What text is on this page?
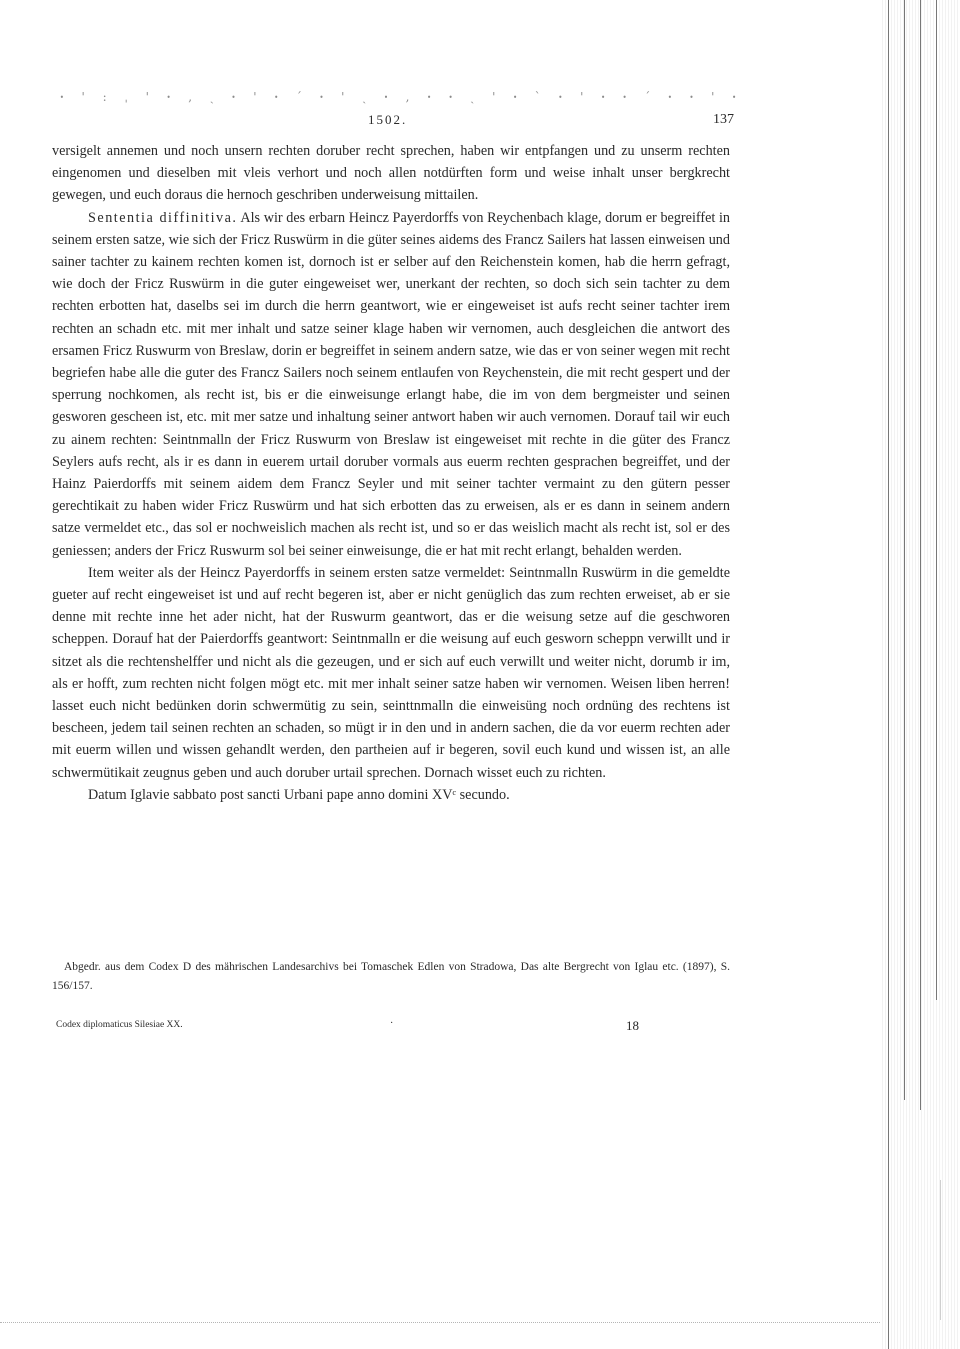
ꞏ ' : ˌ ' ꞏ , ˏ ꞏ ' ꞏ ˊ ꞏ ' ˎ ꞏ , ꞏ ꞏ ˏ ' ꞏ ˋ ꞏ ' ꞏ ꞏ ˊ ꞏ ꞏ ' ꞏ
1502.	137

versigelt annemen und noch unsern rechten doruber recht sprechen, haben wir entpfangen und zu unserm rechten eingenomen und dieselben mit vleis verhort und noch allen notdürften form und weise inhalt unser bergkrecht gewegen, und euch doraus die hernoch geschriben underweisung mittailen.

Sententia diffinitiva. Als wir des erbarn Heincz Payerdorffs von Reychenbach klage, dorum er begreiffet in seinem ersten satze, wie sich der Fricz Ruswürm in die güter seines aidems des Francz Sailers hat lassen einweisen und sainer tachter zu kainem rechten komen ist, dornoch ist er selber auf den Reichenstein komen, hab die herrn gefragt, wie doch der Fricz Ruswürm in die guter eingeweiset wer, unerkant der rechten, so doch sich sein tachter zu dem rechten erbotten hat, daselbs sei im durch die herrn geantwort, wie er eingeweiset ist aufs recht seiner tachter irem rechten an schadn etc. mit mer inhalt und satze seiner klage haben wir vernomen, auch desgleichen die antwort des ersamen Fricz Ruswurm von Breslaw, dorin er begreiffet in seinem andern satze, wie das er von seiner wegen mit recht begriefen habe alle die guter des Francz Sailers noch seinem entlaufen von Reychenstein, die mit recht gespert und der sperrung nochkomen, als recht ist, bis er die einweisunge erlangt habe, die im von dem bergmeister und seinen gesworen gescheen ist, etc. mit mer satze und inhaltung seiner antwort haben wir auch vernomen. Dorauf tail wir euch zu ainem rechten: Seintnmalln der Fricz Ruswurm von Breslaw ist eingeweiset mit rechte in die güter des Francz Seylers aufs recht, als ir es dann in euerem urtail doruber vormals aus euerm rechten gesprachen begreiffet, und der Hainz Paierdorffs mit seinem aidem dem Francz Seyler und mit seiner tachter vermaint zu den gütern pesser gerechtikait zu haben wider Fricz Ruswürm und hat sich erbotten das zu erweisen, als er es dann in seinem andern satze vermeldet etc., das sol er nochweislich machen als recht ist, und so er das weislich macht als recht ist, sol er des geniessen; anders der Fricz Ruswurm sol bei seiner einweisunge, die er hat mit recht erlangt, behalden werden.

Item weiter als der Heincz Payerdorffs in seinem ersten satze vermeldet: Seintnmalln Ruswürm in die gemeldte gueter auf recht eingeweiset ist und auf recht begeren ist, aber er nicht genüglich das zum rechten erweiset, ab er sie denne mit rechte inne het ader nicht, hat der Ruswurm geantwort, das er die weisung setze auf die geschworen scheppen. Dorauf hat der Paierdorffs geantwort: Seintnmalln er die weisung auf euch gesworn scheppn verwillt und ir sitzet als die rechtenshelffer und nicht als die gezeugen, und er sich auf euch verwillt und weiter nicht, dorumb ir im, als er hofft, zum rechten nicht folgen mögt etc. mit mer inhalt seiner satze haben wir vernomen. Weisen liben herren! lasset euch nicht bedünken dorin schwermütig zu sein, seinttnmalln die einweisüng noch ordnüng des rechtens ist bescheen, jedem tail seinen rechten an schaden, so mügt ir in den und in andern sachen, die da vor euerm rechten ader mit euerm willen und wissen gehandlt werden, den partheien auf ir begeren, sovil euch kund und wissen ist, an alle schwermütikait zeugnus geben und auch doruber urtail sprechen. Dornach wisset euch zu richten.

Datum Iglavie sabbato post sancti Urbani pape anno domini XVᶜ secundo.

Abgedr. aus dem Codex D des mährischen Landesarchivs bei Tomaschek Edlen von Stradowa, Das alte Bergrecht von Iglau etc. (1897), S. 156/157.
Codex diplomaticus Silesiae XX.	·	18
